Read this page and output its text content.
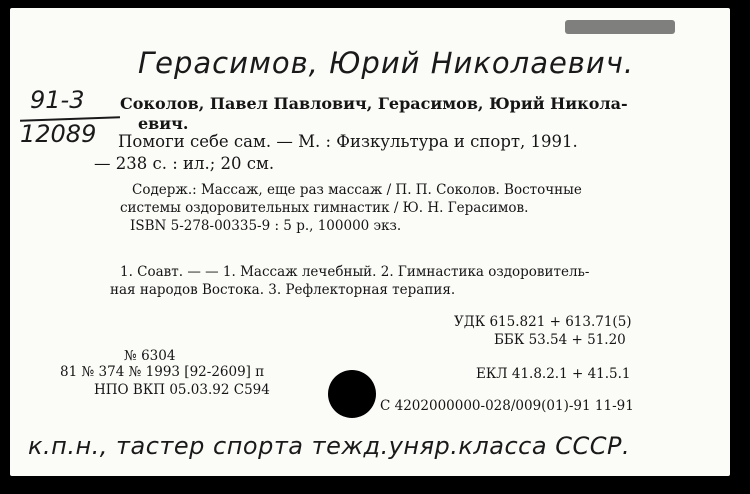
Герасимов, Юрий Николаевич.
91-3
12089
Соколов, Павел Павлович, Герасимов, Юрий Никола-
евич.
Помоги себе сам. — М. : Физкультура и спорт, 1991.
— 238 с. : ил.; 20 см.
Содерж.: Массаж, еще раз массаж / П. П. Соколов. Восточные
системы оздоровительных гимнастик / Ю. Н. Герасимов.
ISBN 5-278-00335-9 : 5 р., 100000 экз.
1. Соавт. — — 1. Массаж лечебный. 2. Гимнастика оздоровитель-
ная народов Востока. 3. Рефлекторная терапия.
УДК 615.821 + 613.71(5)
ББК 53.54 + 51.20
№ 6304
81 № 374 № 1993 [92-2609] п
НПО ВКП 05.03.92 С594
ЕКЛ 41.8.2.1 + 41.5.1
С 4202000000-028/009(01)-91 11-91
к.п.н., тастер спорта тежд.уняр.класса СССР.
